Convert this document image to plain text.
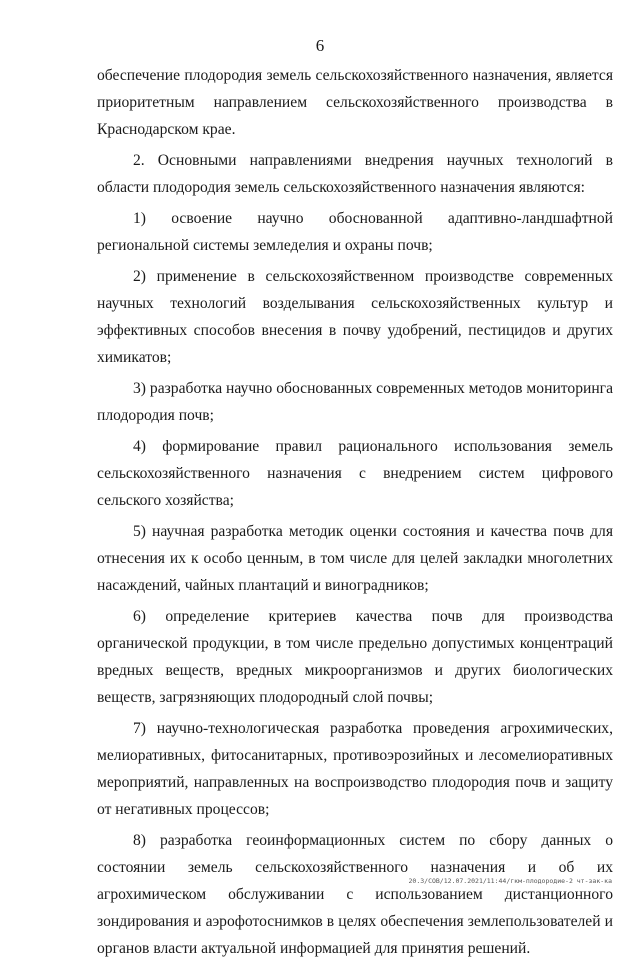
6

обеспечение плодородия земель сельскохозяйственного назначения, является приоритетным направлением сельскохозяйственного производства в Краснодарском крае.

2. Основными направлениями внедрения научных технологий в области плодородия земель сельскохозяйственного назначения являются:

1) освоение научно обоснованной адаптивно-ландшафтной региональной системы земледелия и охраны почв;

2) применение в сельскохозяйственном производстве современных научных технологий возделывания сельскохозяйственных культур и эффективных способов внесения в почву удобрений, пестицидов и других химикатов;

3) разработка научно обоснованных современных методов мониторинга плодородия почв;

4) формирование правил рационального использования земель сельскохозяйственного назначения с внедрением систем цифрового сельского хозяйства;

5) научная разработка методик оценки состояния и качества почв для отнесения их к особо ценным, в том числе для целей закладки многолетних насаждений, чайных плантаций и виноградников;

6) определение критериев качества почв для производства органической продукции, в том числе предельно допустимых концентраций вредных веществ, вредных микроорганизмов и других биологических веществ, загрязняющих плодородный слой почвы;

7) научно-технологическая разработка проведения агрохимических, мелиоративных, фитосанитарных, противоэрозийных и лесомелиоративных мероприятий, направленных на воспроизводство плодородия почв и защиту от негативных процессов;

8) разработка геоинформационных систем по сбору данных о состоянии земель сельскохозяйственного назначения и об их агрохимическом обслуживании с использованием дистанционного зондирования и аэрофотоснимков в целях обеспечения землепользователей и органов власти актуальной информацией для принятия решений.

20.3/СОВ/12.07.2021/11:44/гкм-плодородие-2 чт-зак-ка
